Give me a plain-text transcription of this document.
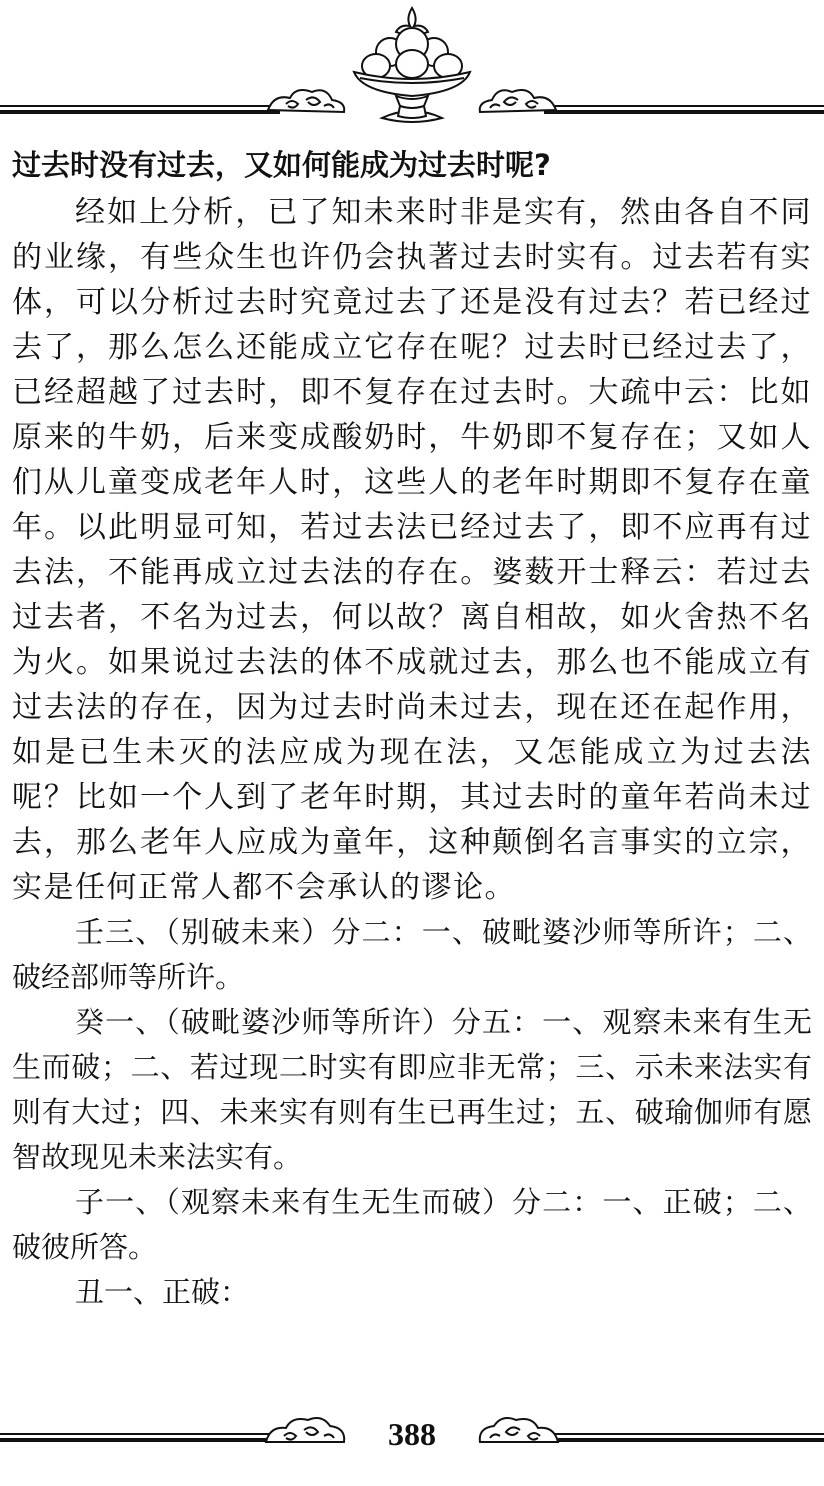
过去时没有过去，又如何能成为过去时呢?

经如上分析，已了知未来时非是实有，然由各自不同的业缘，有些众生也许仍会执著过去时实有。过去若有实体，可以分析过去时究竟过去了还是没有过去？若已经过去了，那么怎么还能成立它存在呢？过去时已经过去了，已经超越了过去时，即不复存在过去时。大疏中云：比如原来的牛奶，后来变成酸奶时，牛奶即不复存在；又如人们从儿童变成老年人时，这些人的老年时期即不复存在童年。以此明显可知，若过去法已经过去了，即不应再有过去法，不能再成立过去法的存在。婆薮开士释云：若过去过去者，不名为过去，何以故？离自相故，如火舍热不名为火。如果说过去法的体不成就过去，那么也不能成立有过去法的存在，因为过去时尚未过去，现在还在起作用，如是已生未灭的法应成为现在法，又怎能成立为过去法呢？比如一个人到了老年时期，其过去时的童年若尚未过去，那么老年人应成为童年，这种颠倒名言事实的立宗，实是任何正常人都不会承认的谬论。

壬三、（别破未来）分二：一、破毗婆沙师等所许；二、破经部师等所许。

癸一、（破毗婆沙师等所许）分五：一、观察未来有生无生而破；二、若过现二时实有即应非无常；三、示未来法实有则有大过；四、未来实有则有生已再生过；五、破瑜伽师有愿智故现见未来法实有。

子一、（观察未来有生无生而破）分二：一、正破；二、破彼所答。

丑一、正破：

388
